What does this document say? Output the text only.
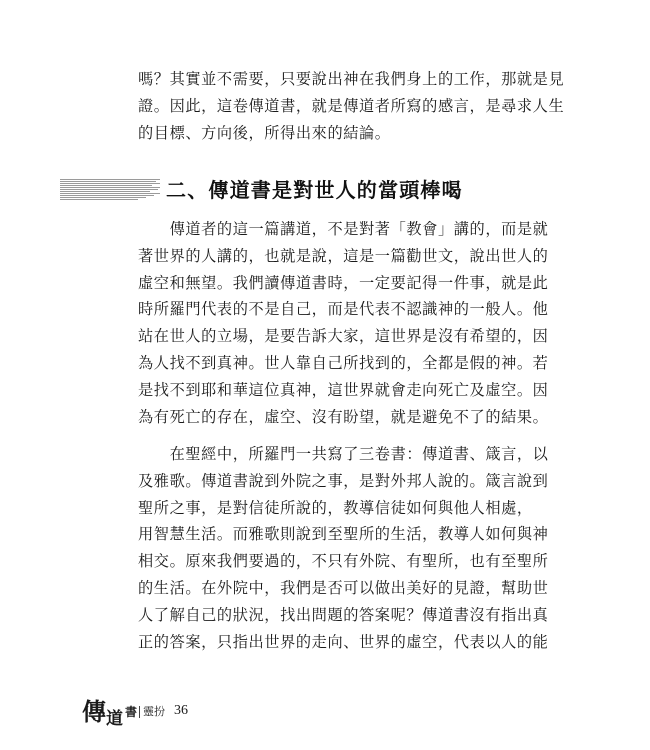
嗎？其實並不需要，只要說出神在我們身上的工作，那就是見
證。因此，這卷傳道書，就是傳道者所寫的感言，是尋求人生
的目標、方向後，所得出來的結論。

二、傳道書是對世人的當頭棒喝

　　傳道者的這一篇講道，不是對著「教會」講的，而是就
著世界的人講的，也就是說，這是一篇勸世文，說出世人的
虛空和無望。我們讀傳道書時，一定要記得一件事，就是此
時所羅門代表的不是自己，而是代表不認識神的一般人。他
站在世人的立場，是要告訴大家，這世界是沒有希望的，因
為人找不到真神。世人靠自己所找到的，全都是假的神。若
是找不到耶和華這位真神，這世界就會走向死亡及虛空。因
為有死亡的存在，虛空、沒有盼望，就是避免不了的結果。

　　在聖經中，所羅門一共寫了三卷書：傳道書、箴言，以
及雅歌。傳道書說到外院之事，是對外邦人說的。箴言說到
聖所之事，是對信徒所說的，教導信徒如何與他人相處，
用智慧生活。而雅歌則說到至聖所的生活，教導人如何與神
相交。原來我們要過的，不只有外院、有聖所，也有至聖所
的生活。在外院中，我們是否可以做出美好的見證，幫助世
人了解自己的狀況，找出問題的答案呢？傳道書沒有指出真
正的答案，只指出世界的走向、世界的虛空，代表以人的能

傳 道 書 靈扮 36
